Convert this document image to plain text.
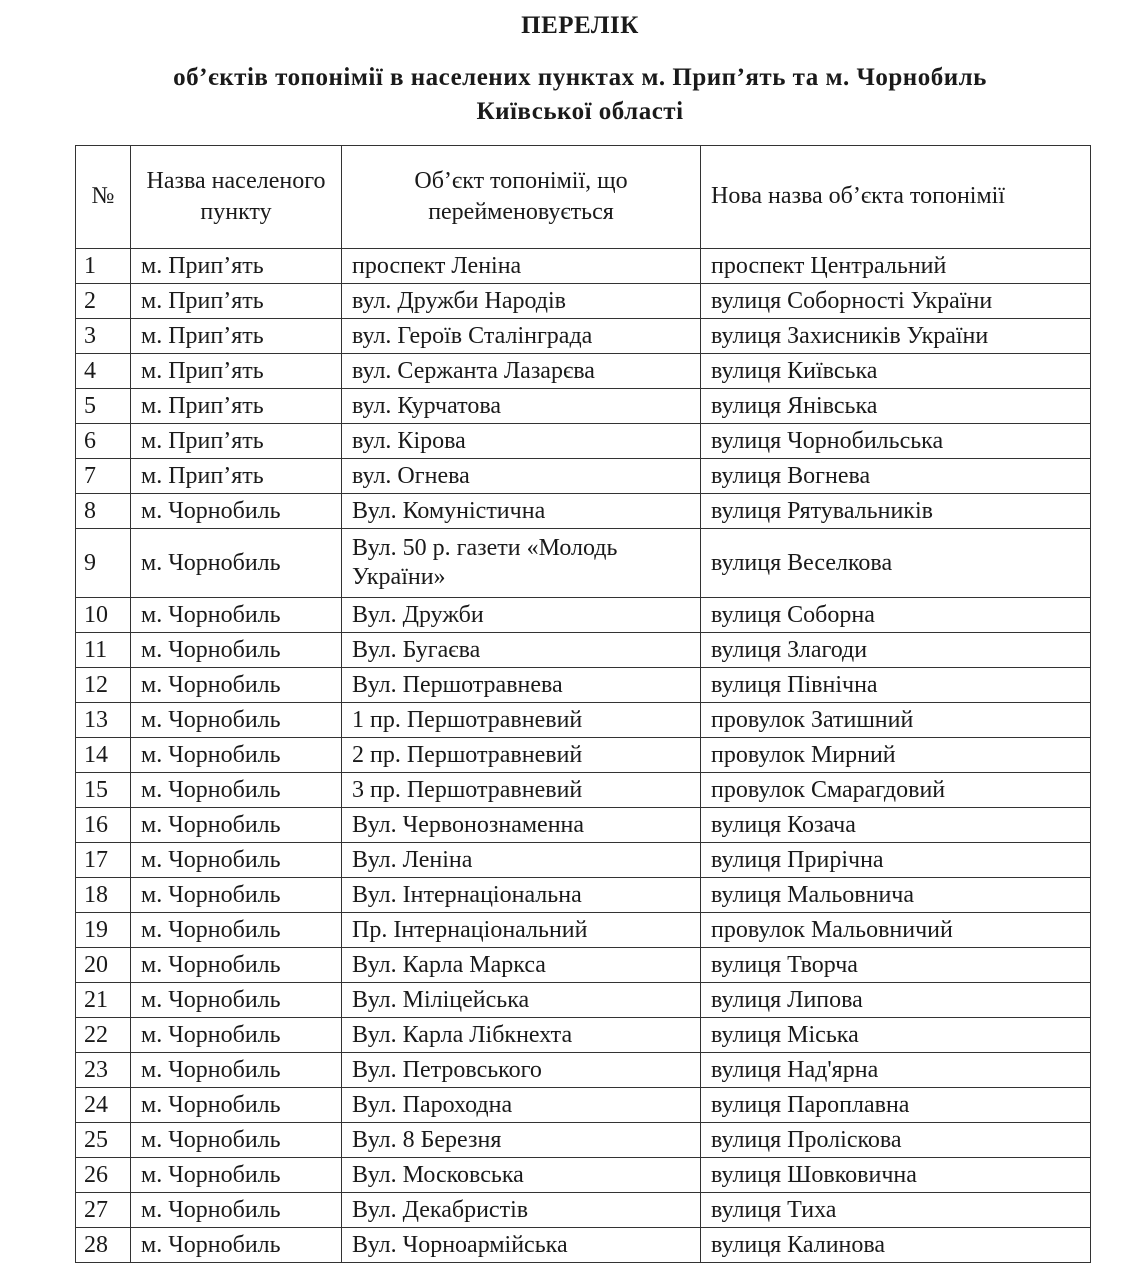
ПЕРЕЛІК
об’єктів топонімії в населених пунктах м. Прип’ять та м. Чорнобиль
Київської області
№	Назва населеного пункту	Об’єкт топонімії, що перейменовується	Нова назва об’єкта топонімії
1	м. Прип’ять	проспект Леніна	проспект Центральний
2	м. Прип’ять	вул. Дружби Народів	вулиця Соборності України
3	м. Прип’ять	вул. Героїв Сталінграда	вулиця Захисників України
4	м. Прип’ять	вул. Сержанта Лазарєва	вулиця Київська
5	м. Прип’ять	вул. Курчатова	вулиця Янівська
6	м. Прип’ять	вул. Кірова	вулиця Чорнобильська
7	м. Прип’ять	вул. Огнева	вулиця Вогнева
8	м. Чорнобиль	Вул. Комуністична	вулиця Рятувальників
9	м. Чорнобиль	Вул. 50 р. газети «Молодь України»	вулиця Веселкова
10	м. Чорнобиль	Вул. Дружби	вулиця Соборна
11	м. Чорнобиль	Вул. Бугаєва	вулиця Злагоди
12	м. Чорнобиль	Вул. Першотравнева	вулиця Північна
13	м. Чорнобиль	1 пр. Першотравневий	провулок Затишний
14	м. Чорнобиль	2 пр. Першотравневий	провулок Мирний
15	м. Чорнобиль	3 пр. Першотравневий	провулок Смарагдовий
16	м. Чорнобиль	Вул. Червонознаменна	вулиця Козача
17	м. Чорнобиль	Вул. Леніна	вулиця Прирічна
18	м. Чорнобиль	Вул. Інтернаціональна	вулиця Мальовнича
19	м. Чорнобиль	Пр. Інтернаціональний	провулок Мальовничий
20	м. Чорнобиль	Вул. Карла Маркса	вулиця Творча
21	м. Чорнобиль	Вул. Міліцейська	вулиця Липова
22	м. Чорнобиль	Вул. Карла Лібкнехта	вулиця Міська
23	м. Чорнобиль	Вул. Петровського	вулиця Над'ярна
24	м. Чорнобиль	Вул. Пароходна	вулиця Пароплавна
25	м. Чорнобиль	Вул. 8 Березня	вулиця Пролiскова
26	м. Чорнобиль	Вул. Московська	вулиця Шовковична
27	м. Чорнобиль	Вул. Декабристів	вулиця Тиха
28	м. Чорнобиль	Вул. Чорноармійська	вулиця Калинова
